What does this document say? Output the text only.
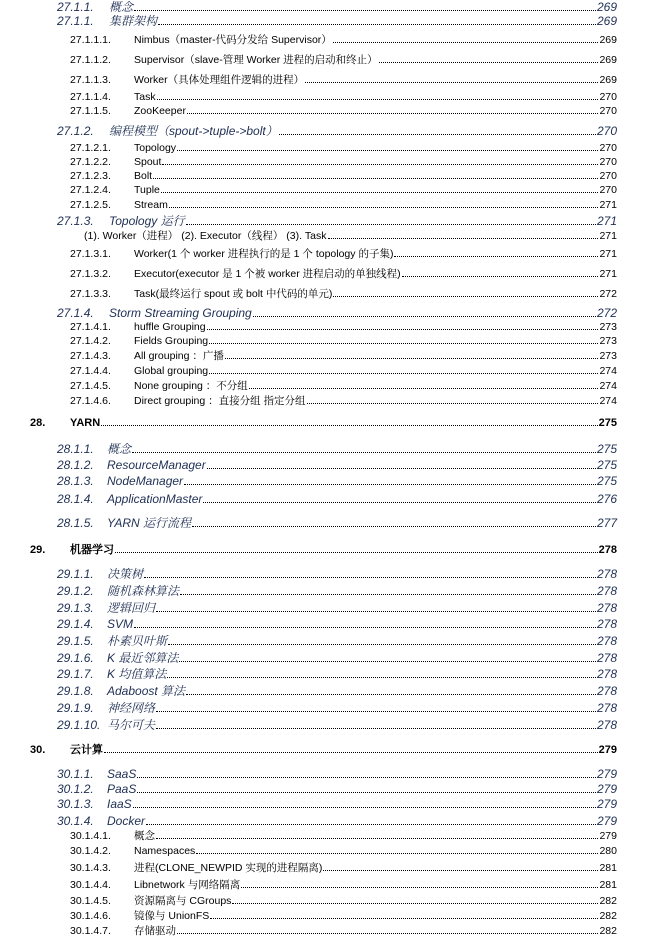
27.1.1.	概念	269
27.1.1.	集群架构	269
27.1.1.1.	Nimbus（master-代码分发给 Supervisor）	269
27.1.1.2.	Supervisor（slave-管理 Worker 进程的启动和终止）	269
27.1.1.3.	Worker（具体处理组件逻辑的进程）	269
27.1.1.4.	Task	270
27.1.1.5.	ZooKeeper	270
27.1.2.	编程模型（spout->tuple->bolt）	270
27.1.2.1.	Topology	270
27.1.2.2.	Spout	270
27.1.2.3.	Bolt	270
27.1.2.4.	Tuple	270
27.1.2.5.	Stream	271
27.1.3.	Topology 运行	271
(1). Worker（进程） (2). Executor（线程） (3). Task	271
27.1.3.1.	Worker(1 个 worker 进程执行的是 1 个 topology 的子集)	271
27.1.3.2.	Executor(executor 是 1 个被 worker 进程启动的单独线程)	271
27.1.3.3.	Task(最终运行 spout 或 bolt 中代码的单元)	272
27.1.4.	Storm Streaming Grouping	272
27.1.4.1.	huffle Grouping	273
27.1.4.2.	Fields Grouping	273
27.1.4.3.	All grouping ：广播	273
27.1.4.4.	Global grouping	274
27.1.4.5.	None grouping ：不分组	274
27.1.4.6.	Direct grouping ：直接分组 指定分组	274
28.	YARN	275
28.1.1.	概念	275
28.1.2.	ResourceManager	275
28.1.3.	NodeManager	275
28.1.4.	ApplicationMaster	276
28.1.5.	YARN 运行流程	277
29.	机器学习	278
29.1.1.	决策树	278
29.1.2.	随机森林算法	278
29.1.3.	逻辑回归	278
29.1.4.	SVM	278
29.1.5.	朴素贝叶斯	278
29.1.6.	K 最近邻算法	278
29.1.7.	K 均值算法	278
29.1.8.	Adaboost 算法	278
29.1.9.	神经网络	278
29.1.10. 马尔可夫	278
30.	云计算	279
30.1.1.	SaaS	279
30.1.2.	PaaS	279
30.1.3.	IaaS	279
30.1.4.	Docker	279
30.1.4.1.	概念	279
30.1.4.2.	Namespaces	280
30.1.4.3.	进程(CLONE_NEWPID 实现的进程隔离)	281
30.1.4.4.	Libnetwork 与网络隔离	281
30.1.4.5.	资源隔离与 CGroups	282
30.1.4.6.	镜像与 UnionFS	282
30.1.4.7.	存储驱动	282
